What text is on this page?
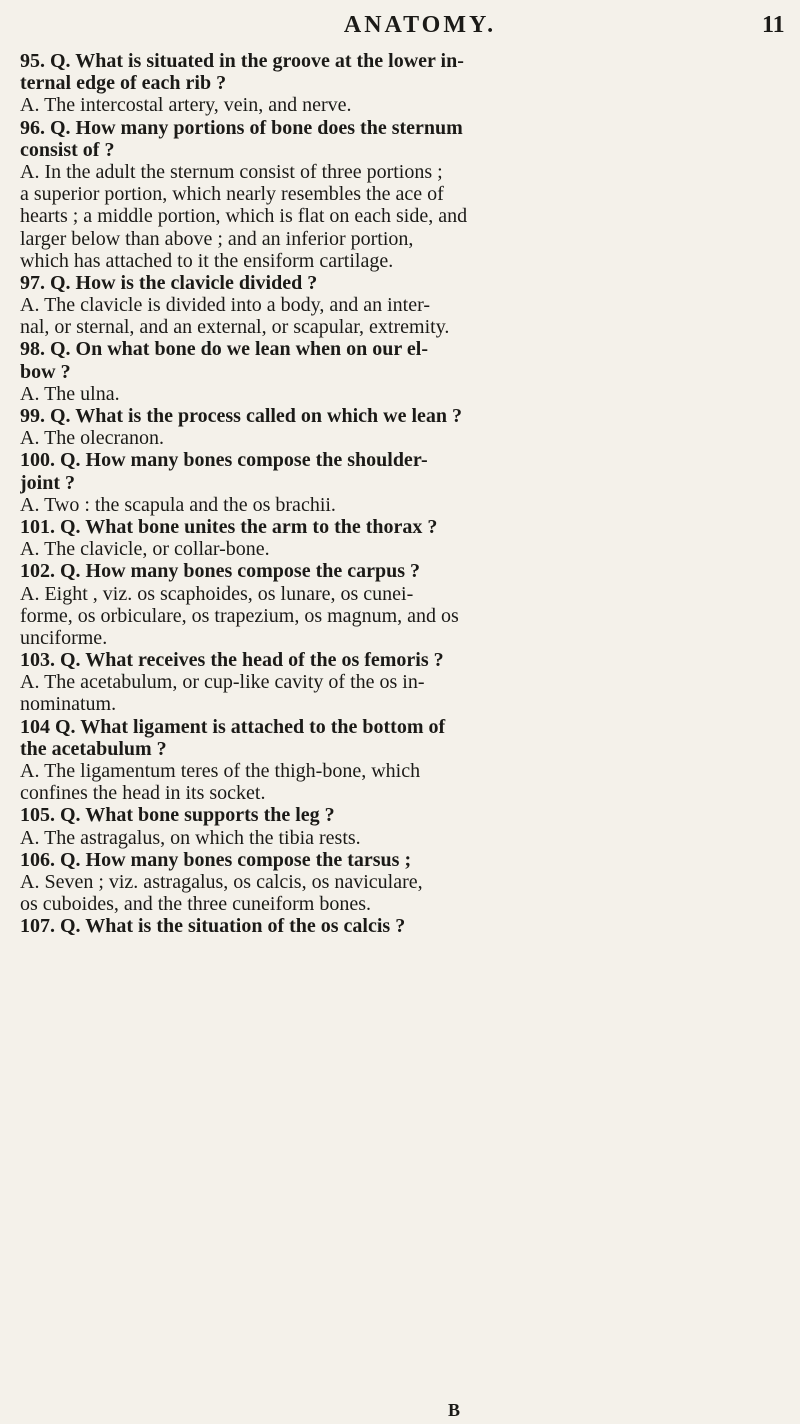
ANATOMY.	11
95. Q. What is situated in the groove at the lower in-
ternal edge of each rib ?
A. The intercostal artery, vein, and nerve.
96. Q. How many portions of bone does the sternum
consist of ?
A. In the adult the sternum consist of three portions ;
a superior portion, which nearly resembles the ace of
hearts ; a middle portion, which is flat on each side, and
larger below than above ; and an inferior portion,
which has attached to it the ensiform cartilage.
97. Q. How is the clavicle divided ?
A. The clavicle is divided into a body, and an inter-
nal, or sternal, and an external, or scapular, extremity.
98. Q. On what bone do we lean when on our el-
bow ?
A. The ulna.
99. Q. What is the process called on which we lean ?
A. The olecranon.
100. Q. How many bones compose the shoulder-
joint ?
A. Two : the scapula and the os brachii.
101. Q. What bone unites the arm to the thorax ?
A. The clavicle, or collar-bone.
102. Q. How many bones compose the carpus ?
A. Eight , viz. os scaphoides, os lunare, os cunei-
forme, os orbiculare, os trapezium, os magnum, and os
unciforme.
103. Q. What receives the head of the os femoris ?
A. The acetabulum, or cup-like cavity of the os in-
nominatum.
104 Q. What ligament is attached to the bottom of
the acetabulum ?
A. The ligamentum teres of the thigh-bone, which
confines the head in its socket.
105. Q. What bone supports the leg ?
A. The astragalus, on which the tibia rests.
106. Q. How many bones compose the tarsus ;
A. Seven ; viz. astragalus, os calcis, os naviculare,
os cuboides, and the three cuneiform bones.
107. Q. What is the situation of the os calcis ?
B
